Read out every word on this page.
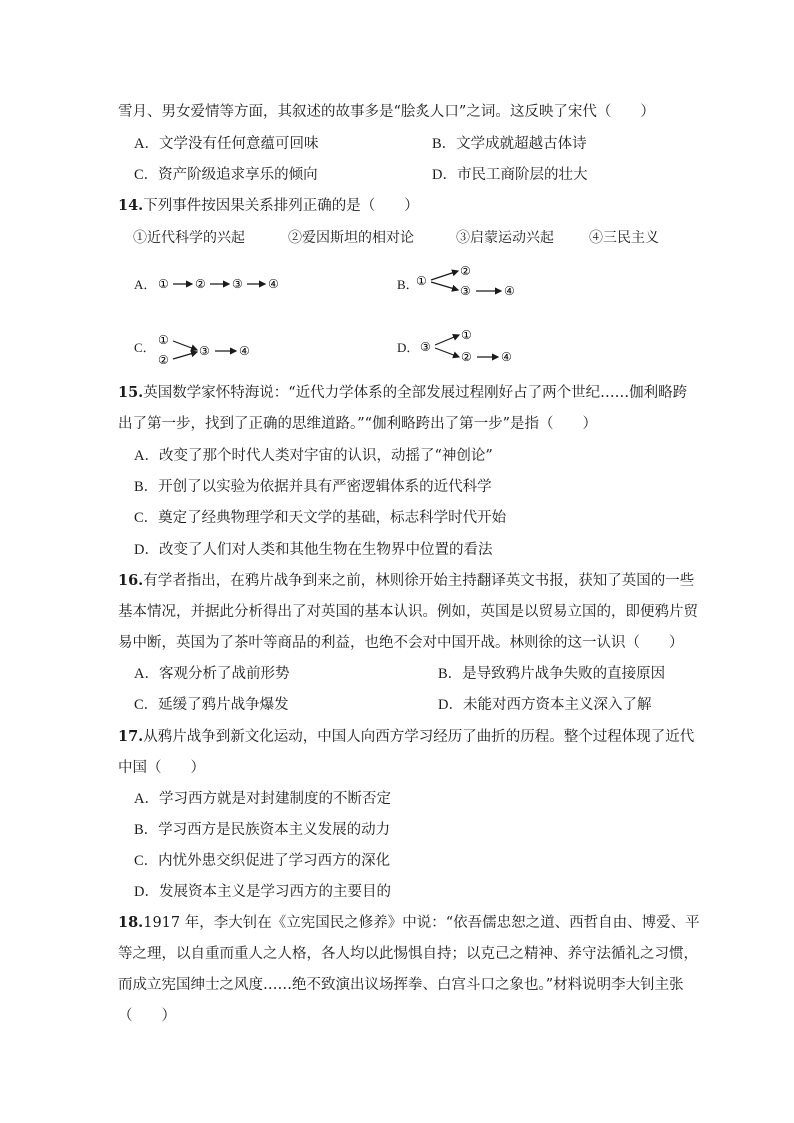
雪月、男女爱情等方面，其叙述的故事多是“脍炙人口”之词。这反映了宋代（　　）
A．文学没有任何意蕴可回味	B．文学成就超越古体诗
C．资产阶级追求享乐的倾向	D．市民工商阶层的壮大
14.下列事件按因果关系排列正确的是（　　）
①近代科学的兴起	②爱因斯坦的相对论	③启蒙运动兴起	④三民主义
A． ① ② ③ ④	B．
①
②
③	④
C． ①
②
③ ④	D． ③
①
② ④
15.英国数学家怀特海说：“近代力学体系的全部发展过程刚好占了两个世纪……伽利略跨
出了第一步，找到了正确的思维道路。”“伽利略跨出了第一步”是指（　　）
A．改变了那个时代人类对宇宙的认识，动摇了“神创论”
B．开创了以实验为依据并具有严密逻辑体系的近代科学
C．奠定了经典物理学和天文学的基础，标志科学时代开始
D．改变了人们对人类和其他生物在生物界中位置的看法
16.有学者指出，在鸦片战争到来之前，林则徐开始主持翻译英文书报，获知了英国的一些
基本情况，并据此分析得出了对英国的基本认识。例如，英国是以贸易立国的，即便鸦片贸
易中断，英国为了茶叶等商品的利益，也绝不会对中国开战。林则徐的这一认识（　　）
A．客观分析了战前形势	B．是导致鸦片战争失败的直接原因
C．延缓了鸦片战争爆发	D．未能对西方资本主义深入了解
17.从鸦片战争到新文化运动，中国人向西方学习经历了曲折的历程。整个过程体现了近代
中国（　　）
A．学习西方就是对封建制度的不断否定
B．学习西方是民族资本主义发展的动力
C．内忧外患交织促进了学习西方的深化
D．发展资本主义是学习西方的主要目的
18.1917 年，李大钊在《立宪国民之修养》中说：“依吾儒忠恕之道、西哲自由、博爱、平
等之理，以自重而重人之人格，各人均以此惕惧自持；以克己之精神、养守法循礼之习惯，
而成立宪国绅士之风度……绝不致演出议场挥拳、白宫斗口之象也。”材料说明李大钊主张
（　　）
